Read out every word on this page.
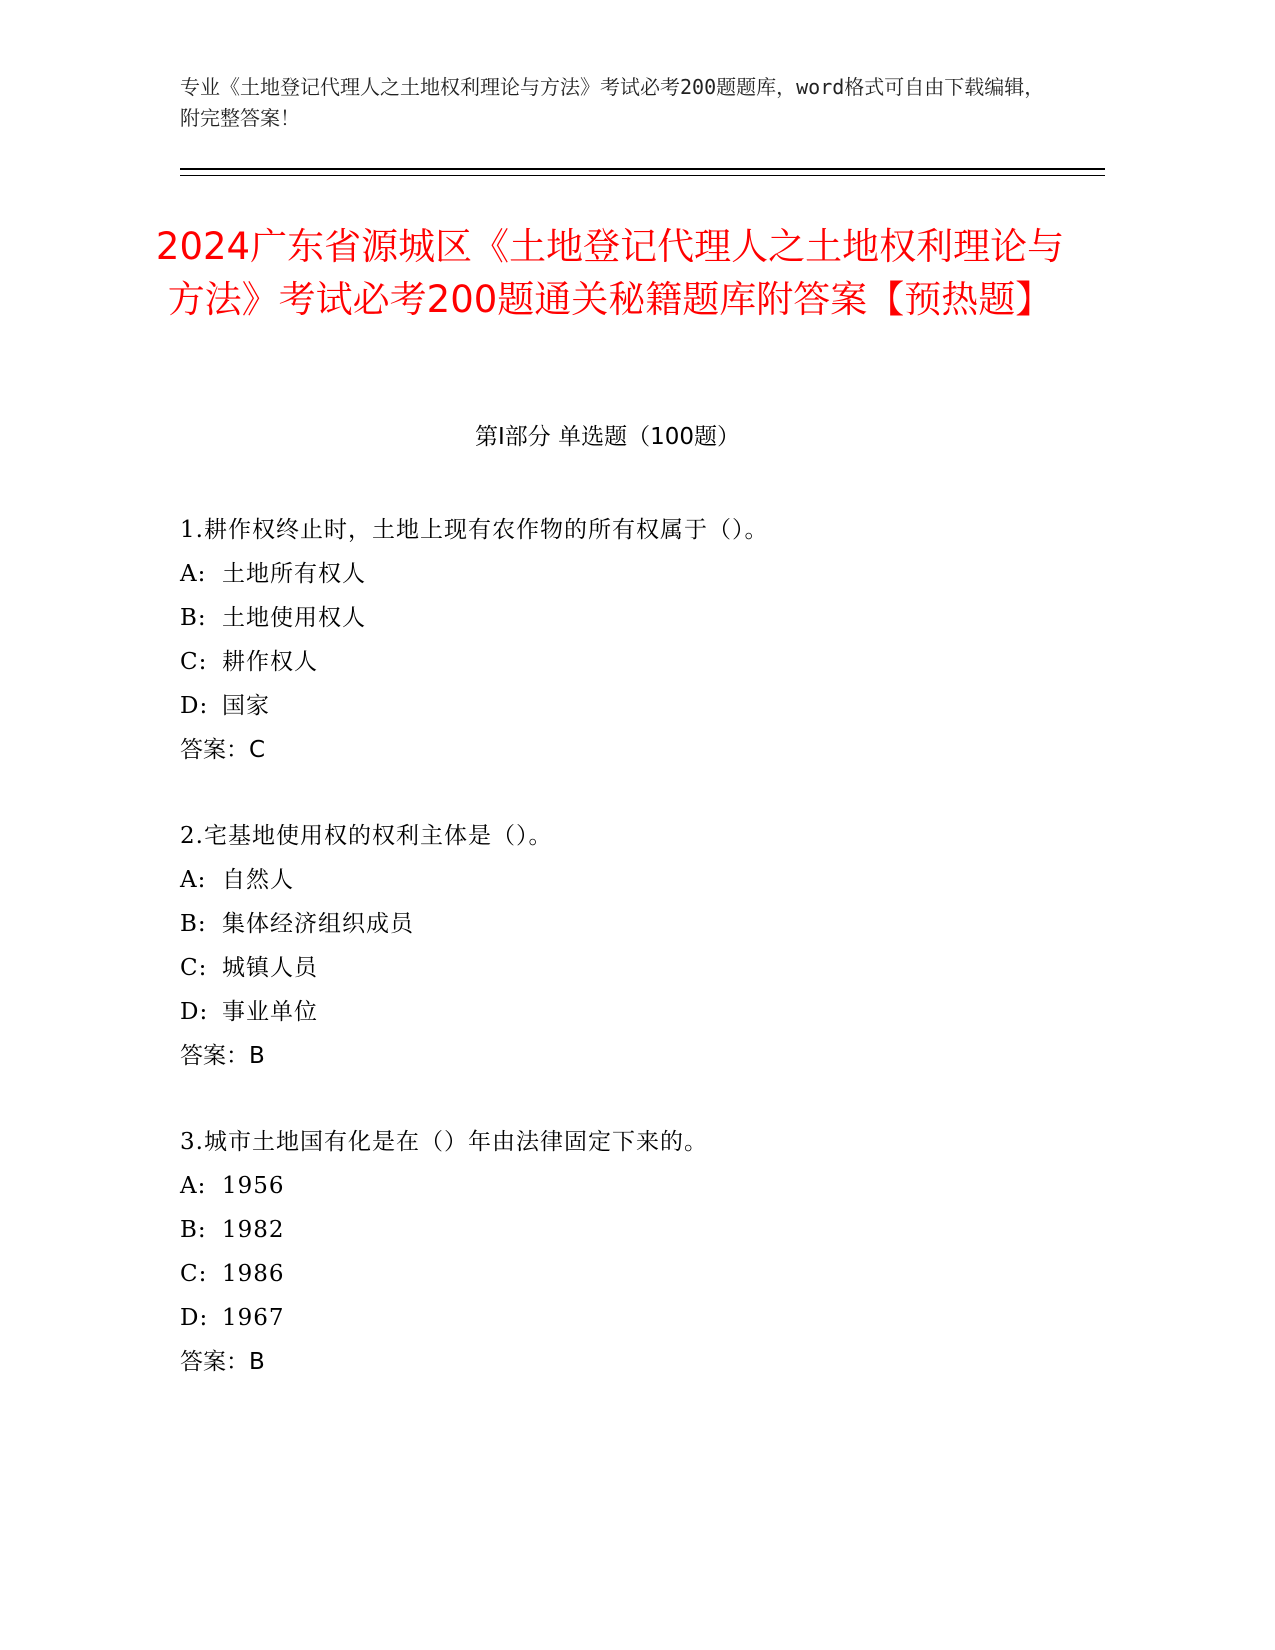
专业《土地登记代理人之土地权利理论与方法》考试必考200题题库，word格式可自由下载编辑，附完整答案！
2024广东省源城区《土地登记代理人之土地权利理论与方法》考试必考200题通关秘籍题库附答案【预热题】
第Ⅰ部分 单选题（100题）
1.耕作权终止时，土地上现有农作物的所有权属于（）。
A: 土地所有权人
B: 土地使用权人
C: 耕作权人
D: 国家
答案：C
2.宅基地使用权的权利主体是（）。
A: 自然人
B: 集体经济组织成员
C: 城镇人员
D: 事业单位
答案：B
3.城市土地国有化是在（）年由法律固定下来的。
A: 1956
B: 1982
C: 1986
D: 1967
答案：B
